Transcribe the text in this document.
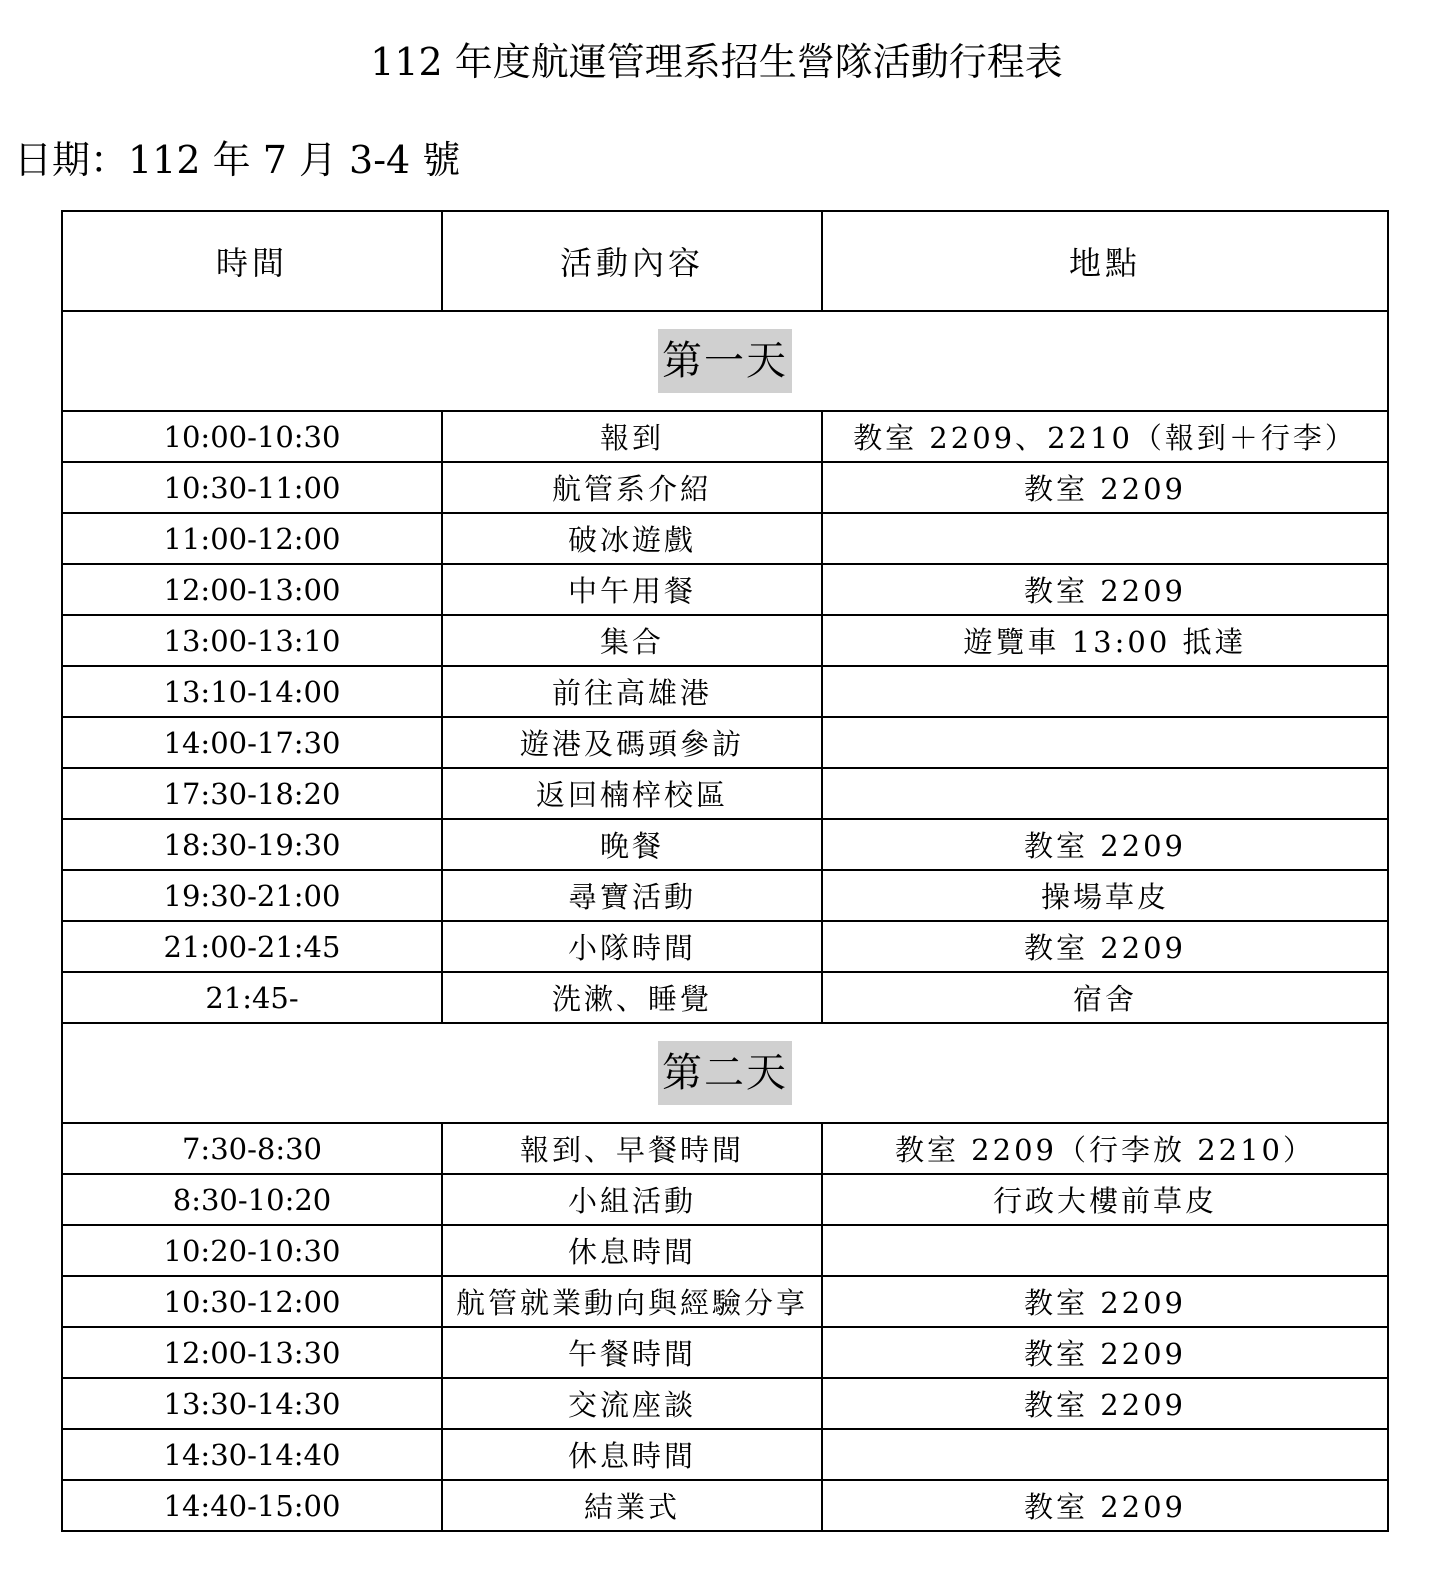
112 年度航運管理系招生營隊活動行程表
日期：112 年 7 月 3-4 號
時間	活動內容	地點
第一天		
10:00-10:30	報到	教室 2209、2210（報到＋行李）
10:30-11:00	航管系介紹	教室 2209
11:00-12:00	破冰遊戲	
12:00-13:00	中午用餐	教室 2209
13:00-13:10	集合	遊覽車 13:00 抵達
13:10-14:00	前往高雄港	
14:00-17:30	遊港及碼頭參訪	
17:30-18:20	返回楠梓校區	
18:30-19:30	晚餐	教室 2209
19:30-21:00	尋寶活動	操場草皮
21:00-21:45	小隊時間	教室 2209
21:45-	洗漱、睡覺	宿舍
第二天		
7:30-8:30	報到、早餐時間	教室 2209（行李放 2210）
8:30-10:20	小組活動	行政大樓前草皮
10:20-10:30	休息時間	
10:30-12:00	航管就業動向與經驗分享	教室 2209
12:00-13:30	午餐時間	教室 2209
13:30-14:30	交流座談	教室 2209
14:30-14:40	休息時間	
14:40-15:00	結業式	教室 2209
